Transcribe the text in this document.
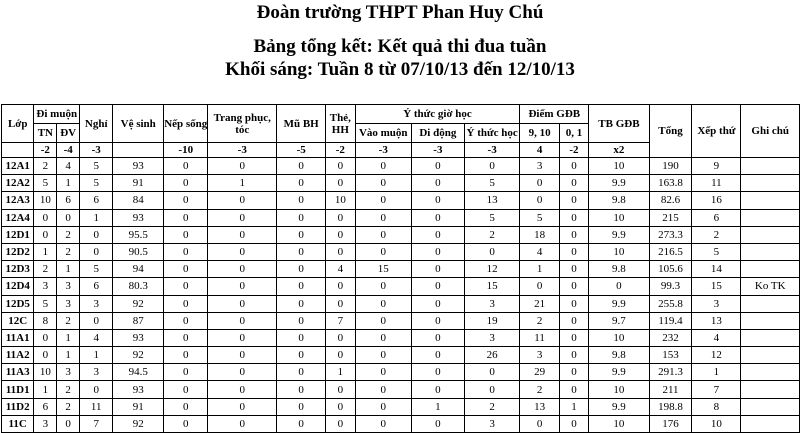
Đoàn trường THPT Phan Huy Chú
Bảng tổng kết: Kết quả thi đua tuần
Khối sáng: Tuần 8 từ 07/10/13 đến 12/10/13
Lớp	Đi muộn		Nghỉ	Vệ sinh	Nếp sống	Trang phục, tóc	Mũ BH	Thẻ, HH	Ý thức giờ học			Điểm GĐB		TB GĐB	Tổng	Xếp thứ	Ghi chú
	TN	ĐV							Vào muộn	Di động	Ý thức học	9, 10	0, 1				
	-2	-4	-3		-10	-3	-5	-2	-3	-3	-3	4	-2	x2			
12A1	2	4	5	93	0	0	0	0	0	0	0	3	0	10	190	9	
12A2	5	1	5	91	0	1	0	0	0	0	5	0	0	9.9	163.8	11	
12A3	10	6	6	84	0	0	0	10	0	0	13	0	0	9.8	82.6	16	
12A4	0	0	1	93	0	0	0	0	0	0	5	5	0	10	215	6	
12D1	0	2	0	95.5	0	0	0	0	0	0	2	18	0	9.9	273.3	2	
12D2	1	2	0	90.5	0	0	0	0	0	0	0	4	0	10	216.5	5	
12D3	2	1	5	94	0	0	0	4	15	0	12	1	0	9.8	105.6	14	
12D4	3	3	6	80.3	0	0	0	0	0	0	15	0	0	0	99.3	15	Ko TK
12D5	5	3	3	92	0	0	0	0	0	0	3	21	0	9.9	255.8	3	
12C	8	2	0	87	0	0	0	7	0	0	19	2	0	9.7	119.4	13	
11A1	0	1	4	93	0	0	0	0	0	0	3	11	0	10	232	4	
11A2	0	1	1	92	0	0	0	0	0	0	26	3	0	9.8	153	12	
11A3	10	3	3	94.5	0	0	0	1	0	0	0	29	0	9.9	291.3	1	
11D1	1	2	0	93	0	0	0	0	0	0	0	2	0	10	211	7	
11D2	6	2	11	91	0	0	0	0	0	1	2	13	1	9.9	198.8	8	
11C	3	0	7	92	0	0	0	0	0	0	3	0	0	10	176	10	
